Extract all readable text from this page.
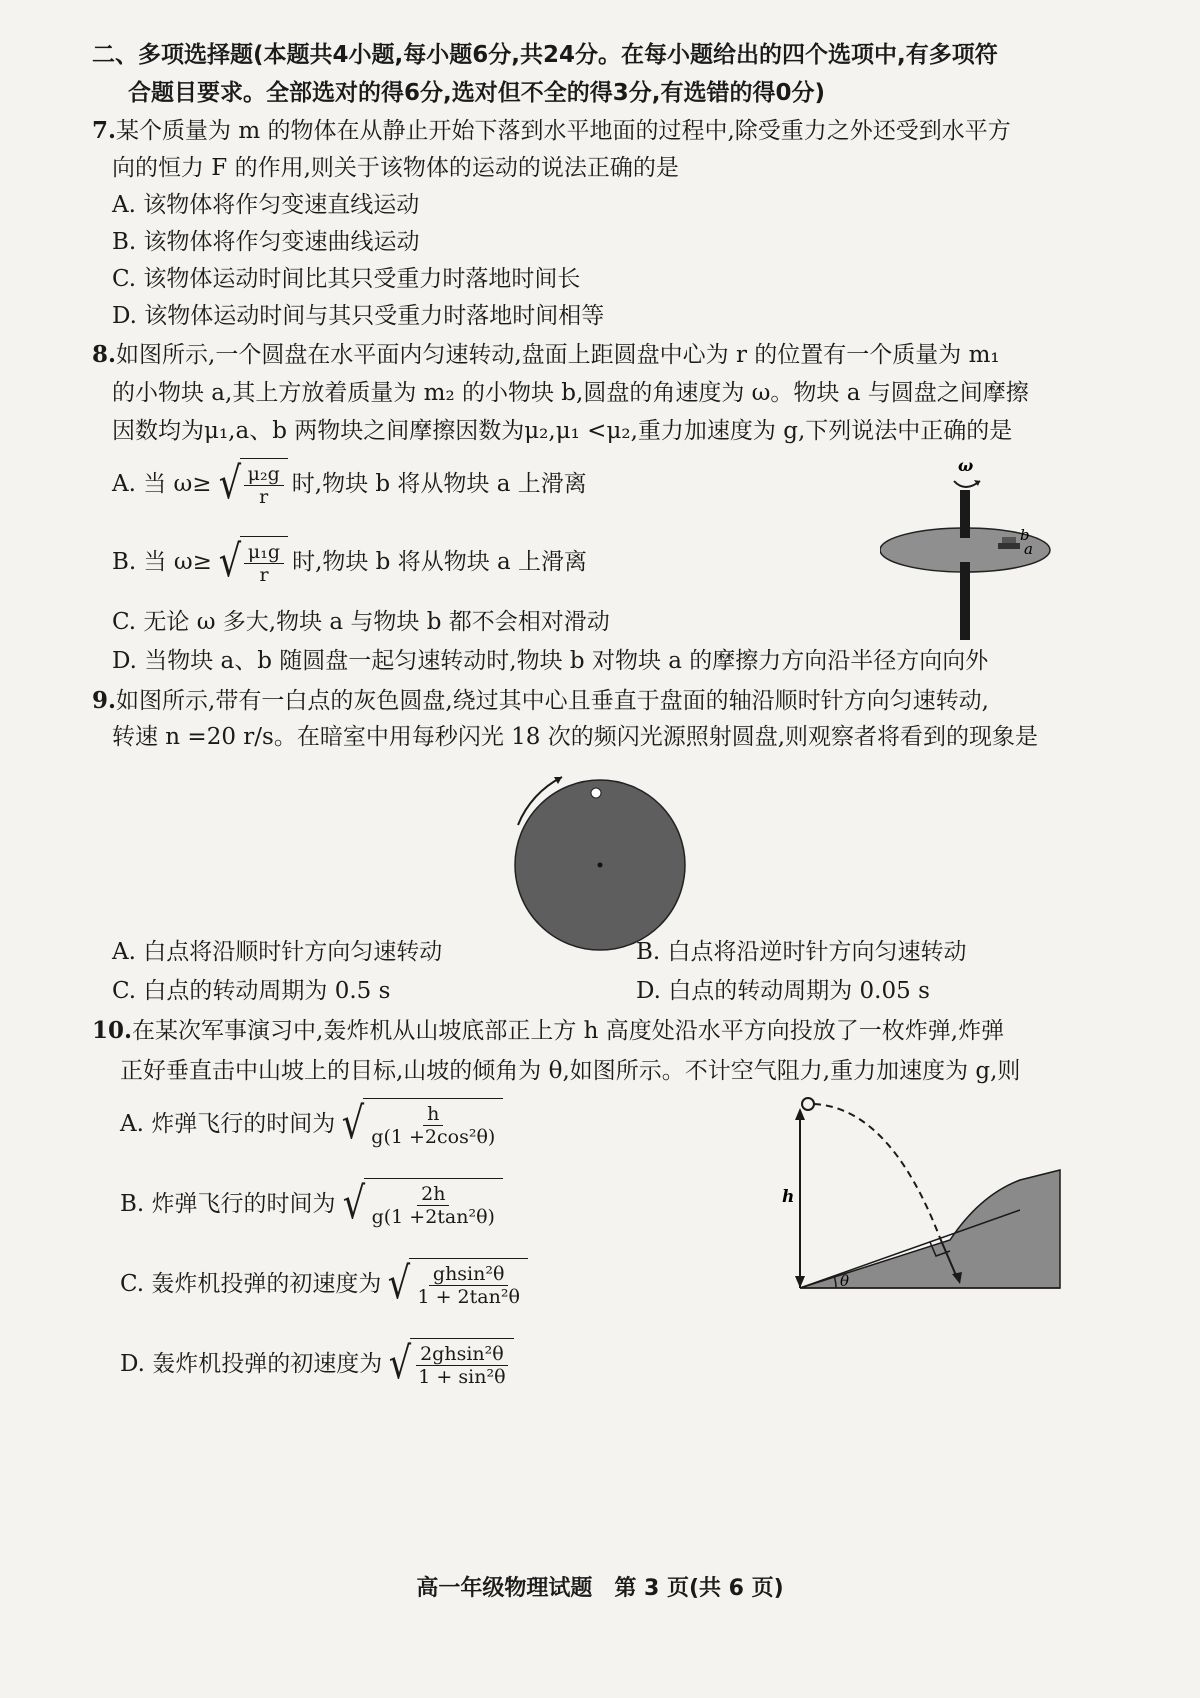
二、多项选择题(本题共4小题,每小题6分,共24分。在每小题给出的四个选项中,有多项符
合题目要求。全部选对的得6分,选对但不全的得3分,有选错的得0分)
7.某个质量为 m 的物体在从静止开始下落到水平地面的过程中,除受重力之外还受到水平方
向的恒力 F 的作用,则关于该物体的运动的说法正确的是
A. 该物体将作匀变速直线运动
B. 该物体将作匀变速曲线运动
C. 该物体运动时间比其只受重力时落地时间长
D. 该物体运动时间与其只受重力时落地时间相等
8.如图所示,一个圆盘在水平面内匀速转动,盘面上距圆盘中心为 r 的位置有一个质量为 m₁
的小物块 a,其上方放着质量为 m₂ 的小物块 b,圆盘的角速度为 ω。物块 a 与圆盘之间摩擦
因数均为μ₁,a、b 两物块之间摩擦因数为μ₂,μ₁ <μ₂,重力加速度为 g,下列说法中正确的是
A. 当 ω≥ √ $\frac{\text{μ₂g}}{r}$ 时,物块 b 将从物块 a 上滑离
B. 当 ω≥ √ $\frac{\text{μ₁g}}{r}$ 时,物块 b 将从物块 a 上滑离
C. 无论 ω 多大,物块 a 与物块 b 都不会相对滑动
D. 当物块 a、b 随圆盘一起匀速转动时,物块 b 对物块 a 的摩擦力方向沿半径方向向外
b
a
ω
9.如图所示,带有一白点的灰色圆盘,绕过其中心且垂直于盘面的轴沿顺时针方向匀速转动,
转速 n =20 r/s。在暗室中用每秒闪光 18 次的频闪光源照射圆盘,则观察者将看到的现象是
A. 白点将沿顺时针方向匀速转动	B. 白点将沿逆时针方向匀速转动
C. 白点的转动周期为 0.5 s	D. 白点的转动周期为 0.05 s
10.在某次军事演习中,轰炸机从山坡底部正上方 h 高度处沿水平方向投放了一枚炸弹,炸弹
正好垂直击中山坡上的目标,山坡的倾角为 θ,如图所示。不计空气阻力,重力加速度为 g,则
A. 炸弹飞行的时间为 √ $\frac{h}{\text{g(1 +2cos²θ)}}$
B. 炸弹飞行的时间为 √ $\frac{2h}{\text{g(1 +2tan²θ)}}$
C. 轰炸机投弹的初速度为 √ $\frac{\text{ghsin²θ}}{\text{1 + 2tan²θ}}$
D. 轰炸机投弹的初速度为 √ $\frac{\text{2ghsin²θ}}{\text{1 + sin²θ}}$
h
θ
高一年级物理试题　第 3 页(共 6 页)
